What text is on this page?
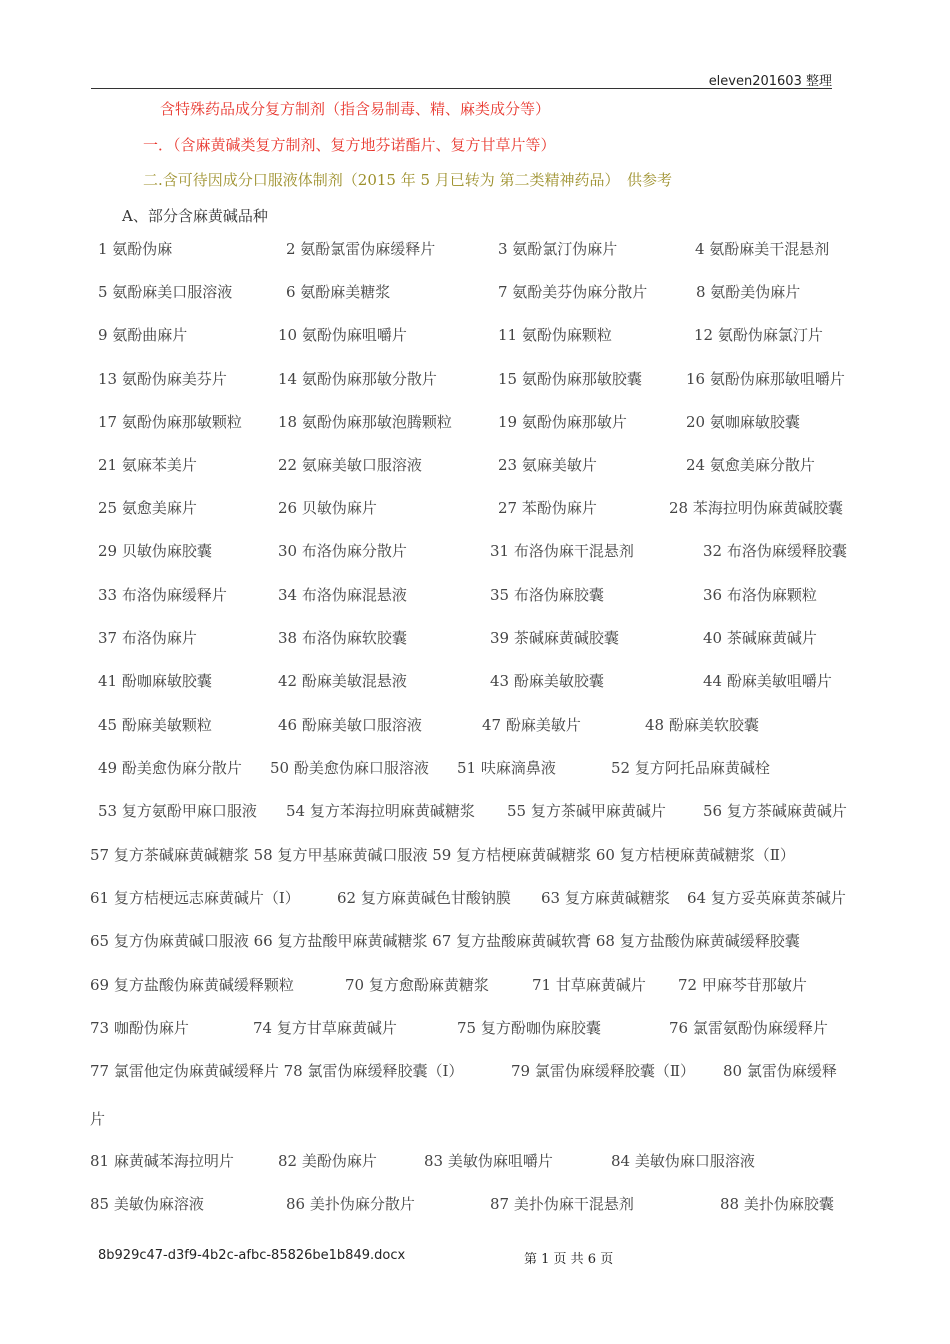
eleven201603 整理
含特殊药品成分复方制剂（指含易制毒、精、麻类成分等）
一．（含麻黄碱类复方制剂、复方地芬诺酯片、复方甘草片等）
二.含可待因成分口服液体制剂（2015 年 5 月已转为 第二类精神药品）　供参考
A、部分含麻黄碱品种
1 氨酚伪麻	2 氨酚氯雷伪麻缓释片	3 氨酚氯汀伪麻片	4 氨酚麻美干混悬剂
5 氨酚麻美口服溶液	6 氨酚麻美糖浆	7 氨酚美芬伪麻分散片	8 氨酚美伪麻片
9 氨酚曲麻片	10 氨酚伪麻咀嚼片	11 氨酚伪麻颗粒	12 氨酚伪麻氯汀片
13 氨酚伪麻美芬片	14 氨酚伪麻那敏分散片	15 氨酚伪麻那敏胶囊	16 氨酚伪麻那敏咀嚼片
17 氨酚伪麻那敏颗粒 18 氨酚伪麻那敏泡腾颗粒	19 氨酚伪麻那敏片	20 氨咖麻敏胶囊
21 氨麻苯美片	22 氨麻美敏口服溶液	23 氨麻美敏片	24 氨愈美麻分散片
25 氨愈美麻片	26 贝敏伪麻片	27 苯酚伪麻片	28 苯海拉明伪麻黄碱胶囊
29 贝敏伪麻胶囊	30 布洛伪麻分散片	31 布洛伪麻干混悬剂	32 布洛伪麻缓释胶囊
33 布洛伪麻缓释片	34 布洛伪麻混悬液	35 布洛伪麻胶囊	36 布洛伪麻颗粒
37 布洛伪麻片	38 布洛伪麻软胶囊	39 茶碱麻黄碱胶囊	40 茶碱麻黄碱片
41 酚咖麻敏胶囊	42 酚麻美敏混悬液	43 酚麻美敏胶囊	44 酚麻美敏咀嚼片
45 酚麻美敏颗粒	46 酚麻美敏口服溶液	47 酚麻美敏片	48 酚麻美软胶囊
49 酚美愈伪麻分散片 50 酚美愈伪麻口服溶液 51 呋麻滴鼻液	52 复方阿托品麻黄碱栓
53 复方氨酚甲麻口服液 54 复方苯海拉明麻黄碱糖浆 55 复方茶碱甲麻黄碱片 56 复方茶碱麻黄碱片
57 复方茶碱麻黄碱糖浆 58 复方甲基麻黄碱口服液 59 复方桔梗麻黄碱糖浆 60 复方桔梗麻黄碱糖浆（Ⅱ）
61 复方桔梗远志麻黄碱片（Ⅰ） 62 复方麻黄碱色甘酸钠膜 63 复方麻黄碱糖浆 64 复方妥英麻黄茶碱片
65 复方伪麻黄碱口服液 66 复方盐酸甲麻黄碱糖浆 67 复方盐酸麻黄碱软膏 68 复方盐酸伪麻黄碱缓释胶囊
69 复方盐酸伪麻黄碱缓释颗粒	70 复方愈酚麻黄糖浆	71 甘草麻黄碱片 72 甲麻芩苷那敏片
73 咖酚伪麻片	74 复方甘草麻黄碱片	75 复方酚咖伪麻胶囊	76 氯雷氨酚伪麻缓释片
77 氯雷他定伪麻黄碱缓释片 78 氯雷伪麻缓释胶囊（Ⅰ）	79 氯雷伪麻缓释胶囊（Ⅱ） 80 氯雷伪麻缓释
片
81 麻黄碱苯海拉明片	82 美酚伪麻片	83 美敏伪麻咀嚼片	84 美敏伪麻口服溶液
85 美敏伪麻溶液	86 美扑伪麻分散片	87 美扑伪麻干混悬剂	88 美扑伪麻胶囊
8b929c47-d3f9-4b2c-afbc-85826be1b849.docx	第 1 页 共 6 页
